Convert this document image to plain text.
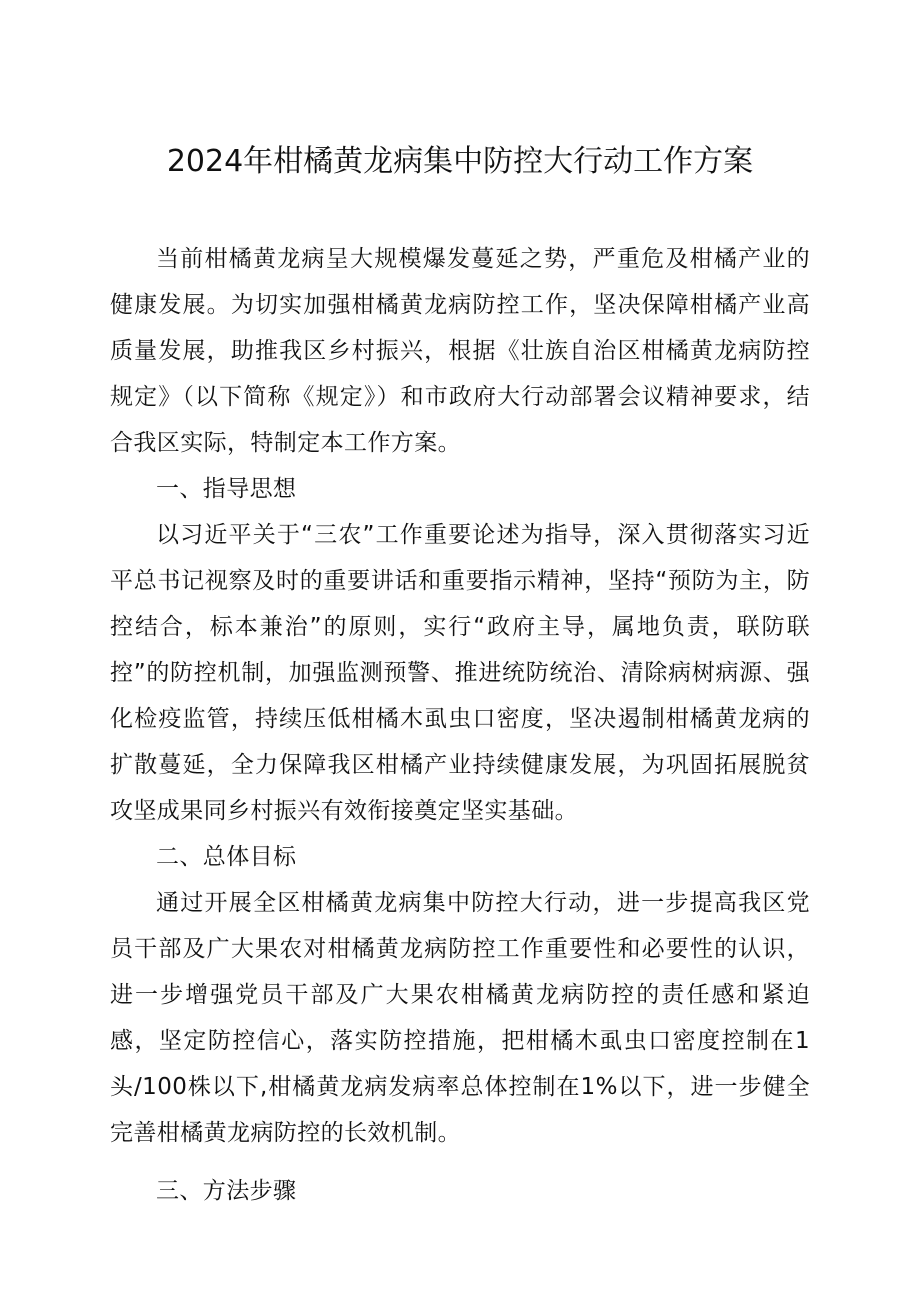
2024年柑橘黄龙病集中防控大行动工作方案

当前柑橘黄龙病呈大规模爆发蔓延之势，严重危及柑橘产业的健康发展。为切实加强柑橘黄龙病防控工作，坚决保障柑橘产业高质量发展，助推我区乡村振兴，根据《壮族自治区柑橘黄龙病防控规定》（以下简称《规定》）和市政府大行动部署会议精神要求，结合我区实际，特制定本工作方案。

一、指导思想

以习近平关于“三农”工作重要论述为指导，深入贯彻落实习近平总书记视察及时的重要讲话和重要指示精神，坚持“预防为主，防控结合，标本兼治”的原则，实行“政府主导，属地负责，联防联控”的防控机制，加强监测预警、推进统防统治、清除病树病源、强化检疫监管，持续压低柑橘木虱虫口密度，坚决遏制柑橘黄龙病的扩散蔓延，全力保障我区柑橘产业持续健康发展，为巩固拓展脱贫攻坚成果同乡村振兴有效衔接奠定坚实基础。

二、总体目标

通过开展全区柑橘黄龙病集中防控大行动，进一步提高我区党员干部及广大果农对柑橘黄龙病防控工作重要性和必要性的认识，进一步增强党员干部及广大果农柑橘黄龙病防控的责任感和紧迫感，坚定防控信心，落实防控措施，把柑橘木虱虫口密度控制在1头/100株以下,柑橘黄龙病发病率总体控制在1%以下，进一步健全完善柑橘黄龙病防控的长效机制。

三、方法步骤
